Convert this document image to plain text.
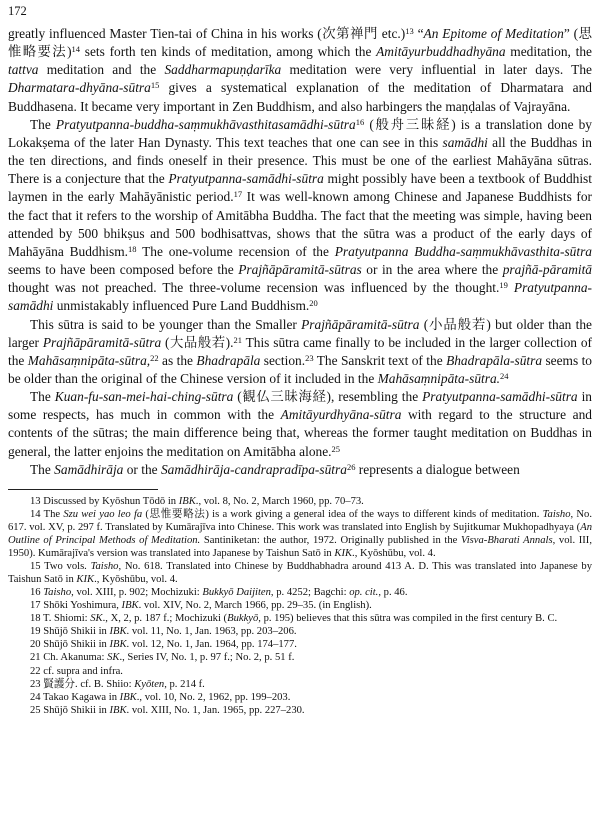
172

greatly influenced Master Tien-tai of China in his works (次第禅門 etc.)$^{13}$ “An Epitome of Meditation” (思惟略要法)$^{14}$ sets forth ten kinds of meditation, among which the Amitāyurbuddhadhyāna meditation, the tattva meditation and the Saddharmapuṇḍarīka meditation were very influential in later days. The Dharmatara-dhyāna-sūtra$^{15}$ gives a systematical explanation of the meditation of Dharmatara and Buddhasena. It became very important in Zen Buddhism, and also harbingers the maṇḍalas of Vajrayāna.

The Pratyutpanna-buddha-saṃmukhāvasthitasamādhi-sūtra$^{16}$ (般舟三昧経) is a translation done by Lokakṣema of the later Han Dynasty. This text teaches that one can see in this samādhi all the Buddhas in the ten directions, and finds oneself in their presence. This must be one of the earliest Mahāyāna sūtras. There is a conjecture that the Pratyutpanna-samādhi-sūtra might possibly have been a textbook of Buddhist laymen in the early Mahāyānistic period.$^{17}$ It was well-known among Chinese and Japanese Buddhists for the fact that it refers to the worship of Amitābha Buddha. The fact that the meeting was simple, having been attended by 500 bhikṣus and 500 bodhisattvas, shows that the sūtra was a product of the early days of Mahāyāna Buddhism.$^{18}$ The one-volume recension of the Pratyutpanna Buddha-saṃmukhāvasthita-sūtra seems to have been composed before the Prajñāpāramitā-sūtras or in the area where the prajñā-pāramitā thought was not preached. The three-volume recension was influenced by the thought.$^{19}$ Pratyutpanna-samādhi unmistakably influenced Pure Land Buddhism.$^{20}$

This sūtra is said to be younger than the Smaller Prajñāpāramitā-sūtra (小品般若) but older than the larger Prajñāpāramitā-sūtra (大品般若).$^{21}$ This sūtra came finally to be included in the larger collection of the Mahāsaṃnipāta-sūtra,$^{22}$ as the Bhadrapāla section.$^{23}$ The Sanskrit text of the Bhadrapāla-sūtra seems to be older than the original of the Chinese version of it included in the Mahāsaṃnipāta-sūtra.$^{24}$

The Kuan-fu-san-mei-hai-ching-sūtra (観仏三昧海経), resembling the Pratyutpanna-samādhi-sūtra in some respects, has much in common with the Amitāyurdhyāna-sūtra with regard to the structure and contents of the sūtras; the main difference being that, whereas the former taught meditation on Buddhas in general, the latter enjoins the meditation on Amitābha alone.$^{25}$

The Samādhirāja or the Samādhirāja-candrapradīpa-sūtra$^{26}$ represents a dialogue between

13 Discussed by Kyōshun Tōdō in IBK., vol. 8, No. 2, March 1960, pp. 70–73.

14 The Szu wei yao leo fa (思惟要略法) is a work giving a general idea of the ways to different kinds of meditation. Taisho, No. 617. vol. XV, p. 297 f. Translated by Kumārajīva into Chinese. This work was translated into English by Sujitkumar Mukhopadhyaya (An Outline of Principal Methods of Meditation. Santiniketan: the author, 1972. Originally published in the Visva-Bharati Annals, vol. III, 1950). Kumārajīva's version was translated into Japanese by Taishun Satō in KIK., Kyōshūbu, vol. 4.

15 Two vols. Taisho, No. 618. Translated into Chinese by Buddhabhadra around 413 A. D. This was translated into Japanese by Taishun Satō in KIK., Kyōshūbu, vol. 4.

16 Taisho, vol. XIII, p. 902; Mochizuki: Bukkyō Daijiten, p. 4252; Bagchi: op. cit., p. 46.

17 Shōki Yoshimura, IBK. vol. XIV, No. 2, March 1966, pp. 29–35. (in English).

18 T. Shiomi: SK., X, 2, p. 187 f.; Mochizuki (Bukkyō, p. 195) believes that this sūtra was compiled in the first century B. C.

19 Shūjō Shikii in IBK. vol. 11, No. 1, Jan. 1963, pp. 203–206.

20 Shūjō Shikii in IBK. vol. 12, No. 1, Jan. 1964, pp. 174–177.

21 Ch. Akanuma: SK., Series IV, No. 1, p. 97 f.; No. 2, p. 51 f.

22 cf. supra and infra.

23 賢護分. cf. B. Shiio: Kyōten, p. 214 f.

24 Takao Kagawa in IBK., vol. 10, No. 2, 1962, pp. 199–203.

25 Shūjō Shikii in IBK. vol. XIII, No. 1, Jan. 1965, pp. 227–230.
